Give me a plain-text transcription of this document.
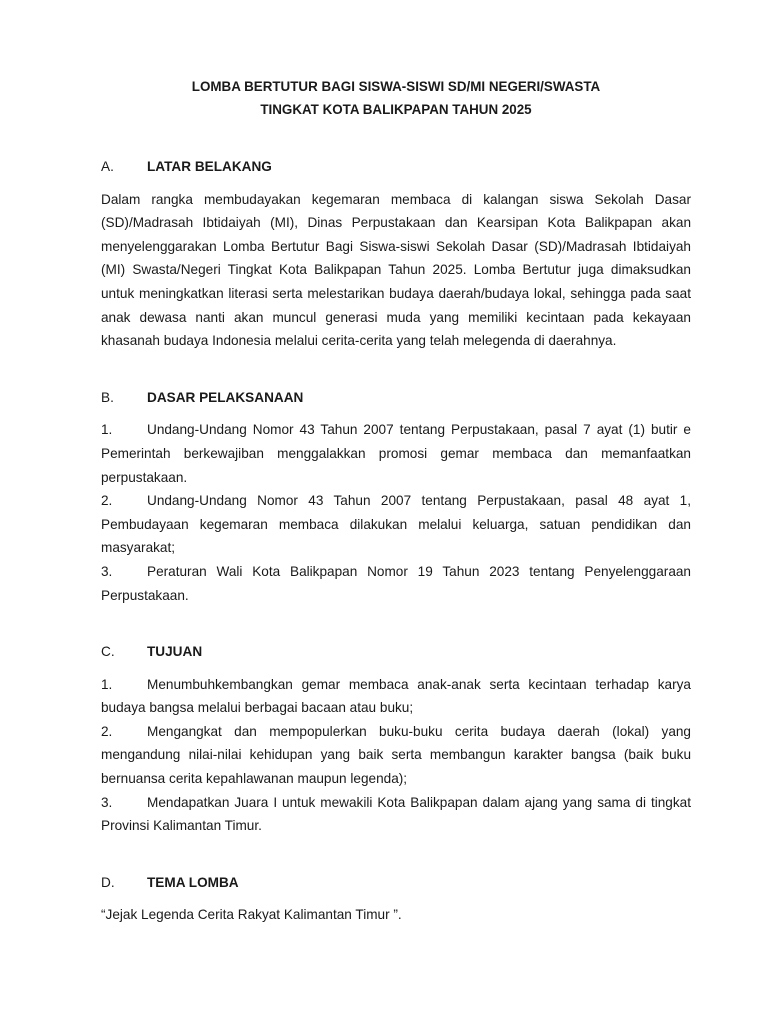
LOMBA BERTUTUR BAGI SISWA-SISWI SD/MI NEGERI/SWASTA
TINGKAT KOTA BALIKPAPAN TAHUN 2025
A.	LATAR BELAKANG

Dalam rangka membudayakan kegemaran membaca di kalangan siswa Sekolah Dasar (SD)/Madrasah Ibtidaiyah (MI), Dinas Perpustakaan dan Kearsipan Kota Balikpapan akan menyelenggarakan Lomba Bertutur Bagi Siswa-siswi Sekolah Dasar (SD)/Madrasah Ibtidaiyah (MI) Swasta/Negeri Tingkat Kota Balikpapan Tahun 2025. Lomba Bertutur juga dimaksudkan untuk meningkatkan literasi serta melestarikan budaya daerah/budaya lokal, sehingga pada saat anak dewasa nanti akan muncul generasi muda yang memiliki kecintaan pada kekayaan khasanah budaya Indonesia melalui cerita-cerita yang telah melegenda di daerahnya.

B.	DASAR PELAKSANAAN
1.	Undang-Undang Nomor 43 Tahun 2007 tentang Perpustakaan, pasal 7 ayat (1) butir e Pemerintah berkewajiban menggalakkan promosi gemar membaca dan memanfaatkan perpustakaan.
2.	Undang-Undang Nomor 43 Tahun 2007 tentang Perpustakaan, pasal 48 ayat 1, Pembudayaan kegemaran membaca dilakukan melalui keluarga, satuan pendidikan dan masyarakat;
3.	Peraturan Wali Kota Balikpapan Nomor 19 Tahun 2023 tentang Penyelenggaraan Perpustakaan.
C.	TUJUAN
1.	Menumbuhkembangkan gemar membaca anak-anak serta kecintaan terhadap karya budaya bangsa melalui berbagai bacaan atau buku;
2.	Mengangkat dan mempopulerkan buku-buku cerita budaya daerah (lokal) yang mengandung nilai-nilai kehidupan yang baik serta membangun karakter bangsa (baik buku bernuansa cerita kepahlawanan maupun legenda);
3.	Mendapatkan Juara I untuk mewakili Kota Balikpapan dalam ajang yang sama di tingkat Provinsi Kalimantan Timur.
D.	TEMA LOMBA

“Jejak Legenda Cerita Rakyat Kalimantan Timur ”.
